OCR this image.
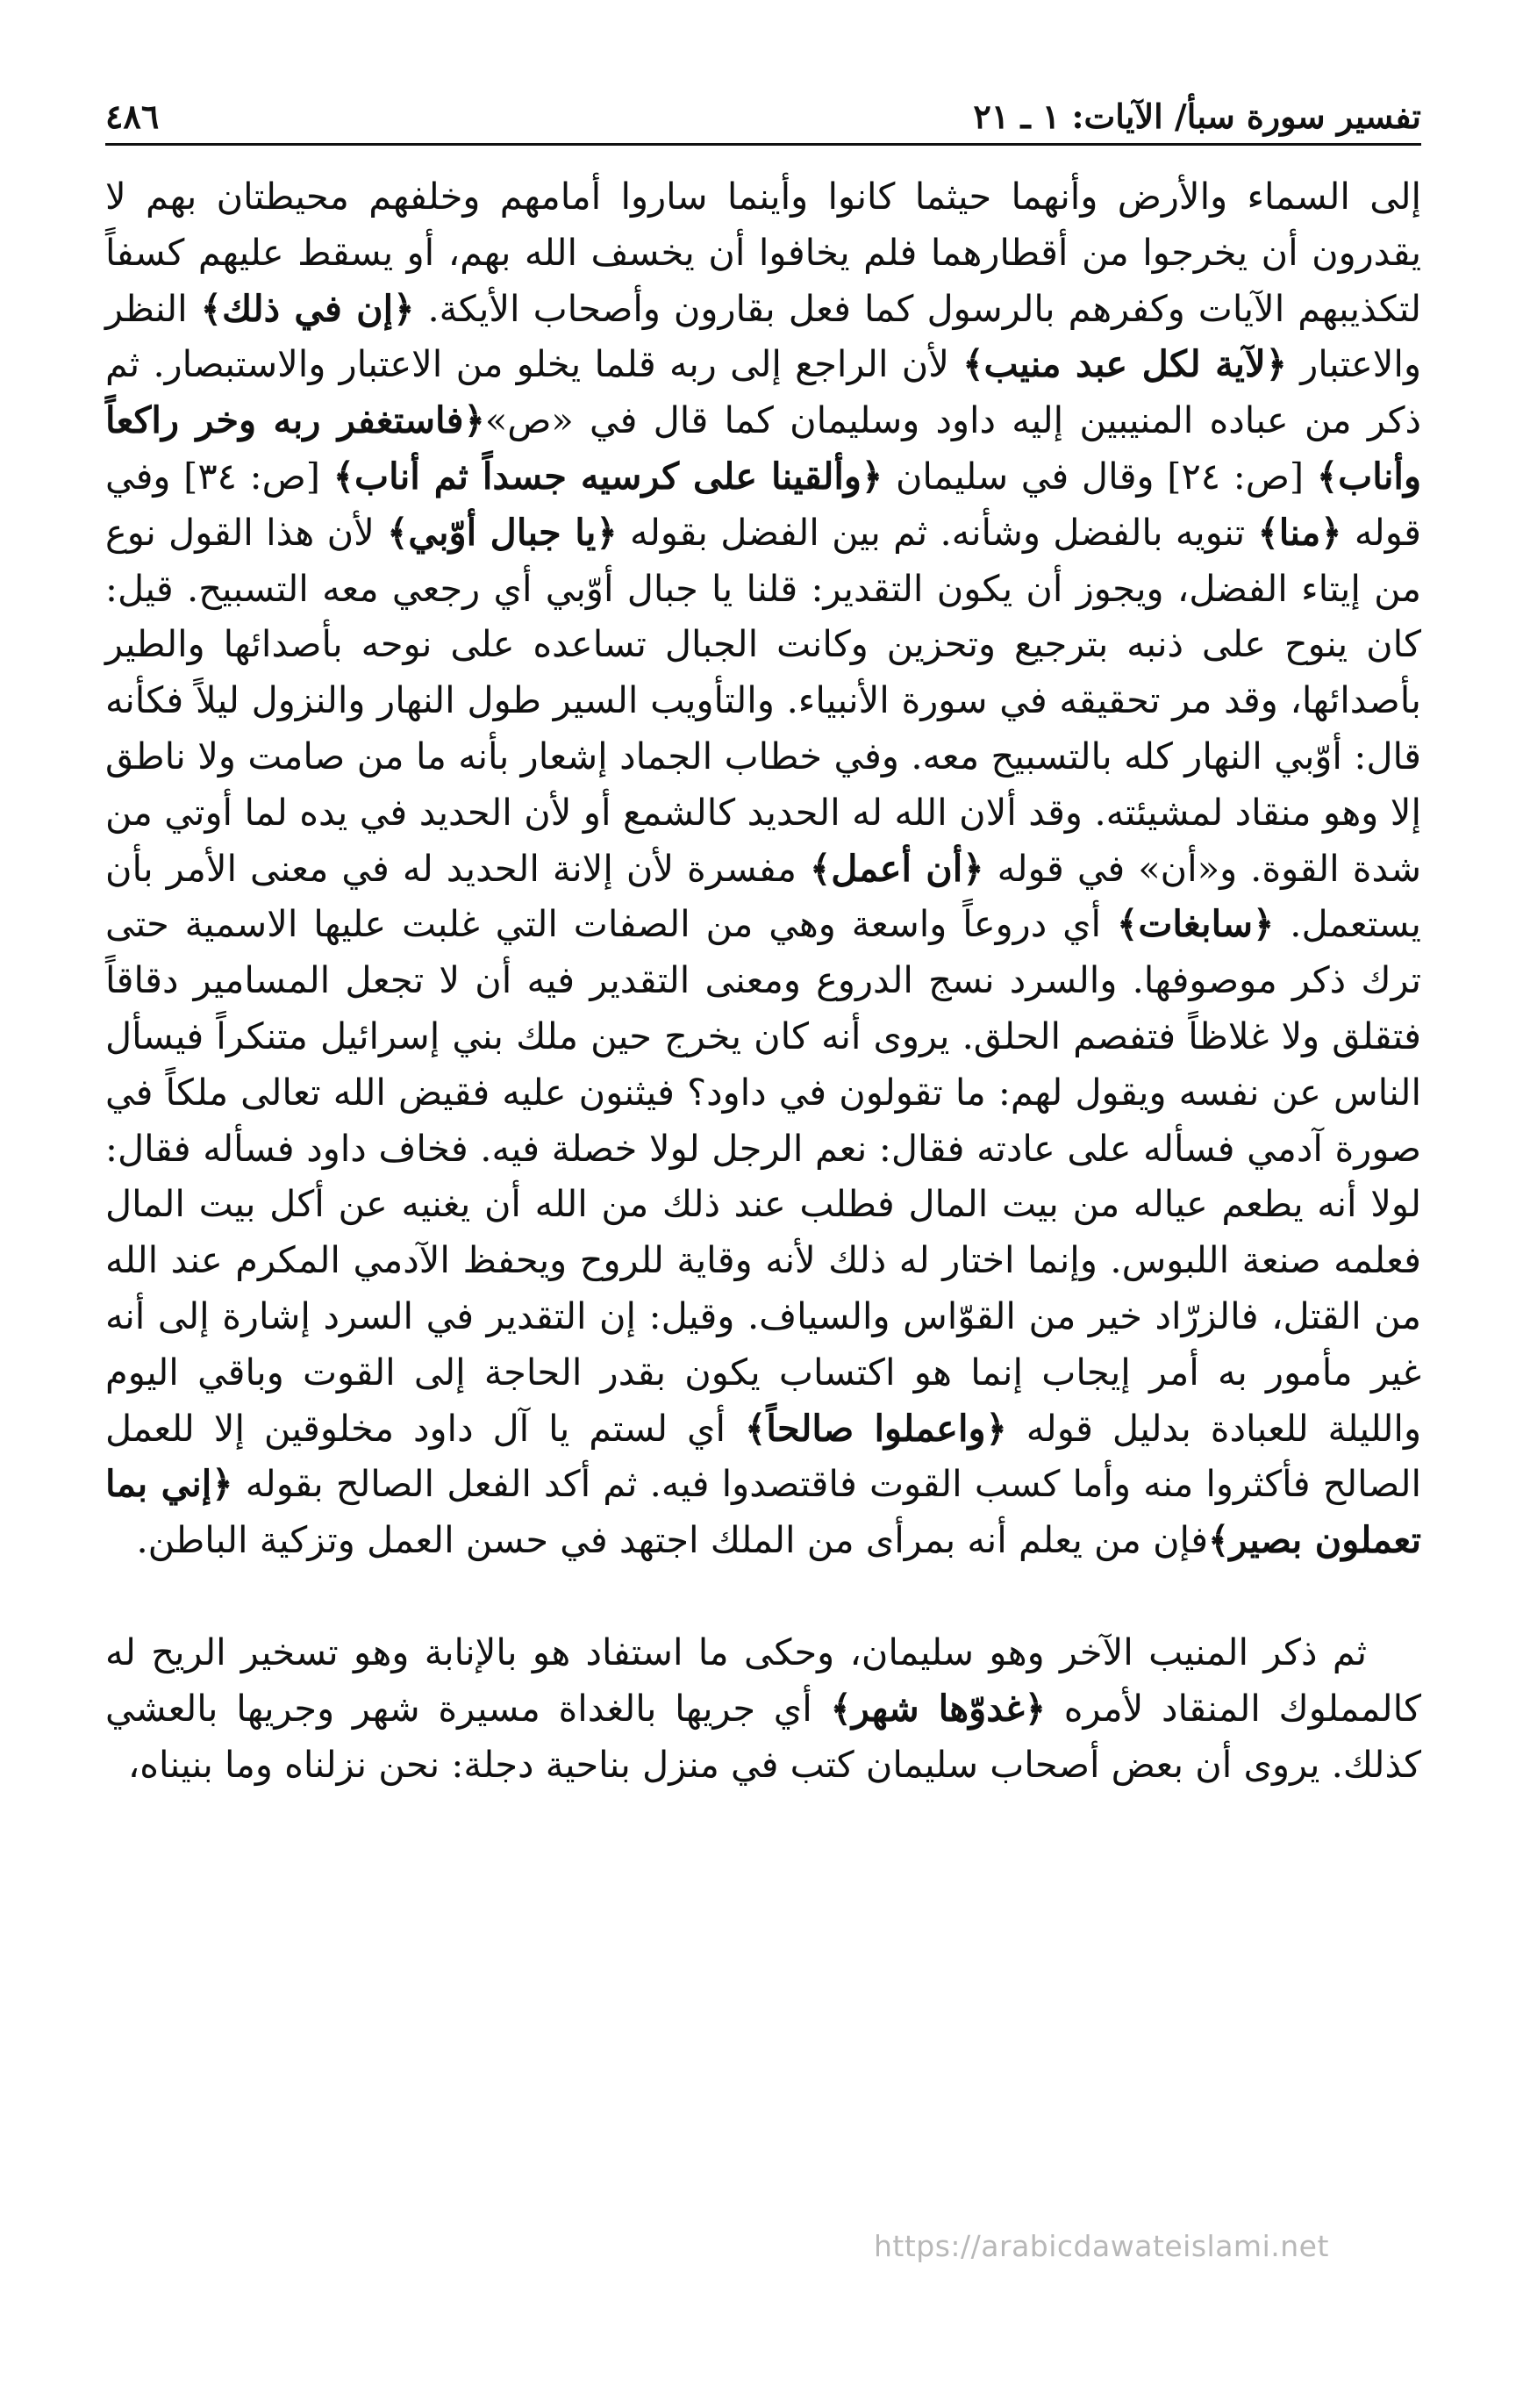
تفسير سورة سبأ/ الآيات: ١ ـ ٢١
٤٨٦

إلى السماء والأرض وأنهما حيثما كانوا وأينما ساروا أمامهم وخلفهم محيطتان بهم لا يقدرون أن يخرجوا من أقطارهما فلم يخافوا أن يخسف الله بهم، أو يسقط عليهم كسفاً لتكذيبهم الآيات وكفرهم بالرسول كما فعل بقارون وأصحاب الأيكة. ﴿إن في ذلك﴾ النظر والاعتبار ﴿لآية لكل عبد منيب﴾ لأن الراجع إلى ربه قلما يخلو من الاعتبار والاستبصار. ثم ذكر من عباده المنيبين إليه داود وسليمان كما قال في «ص»﴿فاستغفر ربه وخر راكعاً وأناب﴾ [ص: ٢٤] وقال في سليمان ﴿وألقينا على كرسيه جسداً ثم أناب﴾ [ص: ٣٤] وفي قوله ﴿منا﴾ تنويه بالفضل وشأنه. ثم بين الفضل بقوله ﴿يا جبال أوّبي﴾ لأن هذا القول نوع من إيتاء الفضل، ويجوز أن يكون التقدير: قلنا يا جبال أوّبي أي رجعي معه التسبيح. قيل: كان ينوح على ذنبه بترجيع وتحزين وكانت الجبال تساعده على نوحه بأصدائها والطير بأصدائها، وقد مر تحقيقه في سورة الأنبياء. والتأويب السير طول النهار والنزول ليلاً فكأنه قال: أوّبي النهار كله بالتسبيح معه. وفي خطاب الجماد إشعار بأنه ما من صامت ولا ناطق إلا وهو منقاد لمشيئته. وقد ألان الله له الحديد كالشمع أو لأن الحديد في يده لما أوتي من شدة القوة. و«أن» في قوله ﴿أن أعمل﴾ مفسرة لأن إلانة الحديد له في معنى الأمر بأن يستعمل. ﴿سابغات﴾ أي دروعاً واسعة وهي من الصفات التي غلبت عليها الاسمية حتى ترك ذكر موصوفها. والسرد نسج الدروع ومعنى التقدير فيه أن لا تجعل المسامير دقاقاً فتقلق ولا غلاظاً فتفصم الحلق. يروى أنه كان يخرج حين ملك بني إسرائيل متنكراً فيسأل الناس عن نفسه ويقول لهم: ما تقولون في داود؟ فيثنون عليه فقيض الله تعالى ملكاً في صورة آدمي فسأله على عادته فقال: نعم الرجل لولا خصلة فيه. فخاف داود فسأله فقال: لولا أنه يطعم عياله من بيت المال فطلب عند ذلك من الله أن يغنيه عن أكل بيت المال فعلمه صنعة اللبوس. وإنما اختار له ذلك لأنه وقاية للروح ويحفظ الآدمي المكرم عند الله من القتل، فالزرّاد خير من القوّاس والسياف. وقيل: إن التقدير في السرد إشارة إلى أنه غير مأمور به أمر إيجاب إنما هو اكتساب يكون بقدر الحاجة إلى القوت وباقي اليوم والليلة للعبادة بدليل قوله ﴿واعملوا صالحاً﴾ أي لستم يا آل داود مخلوقين إلا للعمل الصالح فأكثروا منه وأما كسب القوت فاقتصدوا فيه. ثم أكد الفعل الصالح بقوله ﴿إني بما تعملون بصير﴾فإن من يعلم أنه بمرأى من الملك اجتهد في حسن العمل وتزكية الباطن.

ثم ذكر المنيب الآخر وهو سليمان، وحكى ما استفاد هو بالإنابة وهو تسخير الريح له كالمملوك المنقاد لأمره ﴿غدوّها شهر﴾ أي جريها بالغداة مسيرة شهر وجريها بالعشي كذلك. يروى أن بعض أصحاب سليمان كتب في منزل بناحية دجلة: نحن نزلناه وما بنيناه،

https://arabicdawateislami.net
